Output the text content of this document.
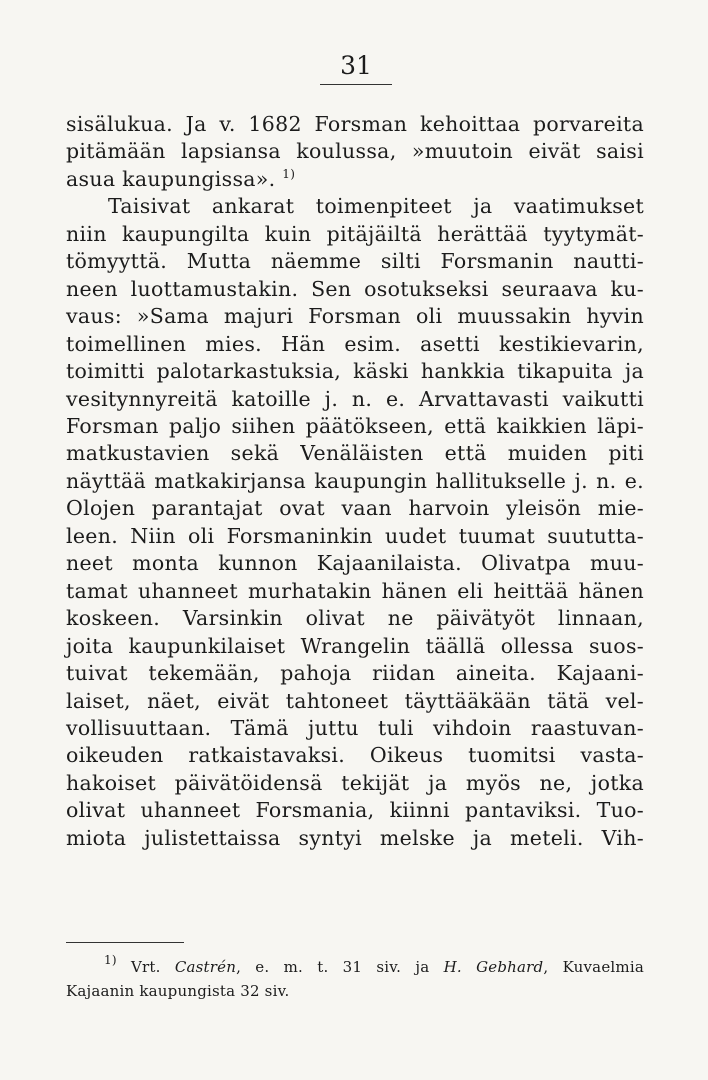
31
sisälukua. Ja v. 1682 Forsman kehoittaa porvareita
pitämään lapsiansa koulussa, »muutoin eivät saisi
asua kaupungissa». $^{1)}$
Taisivat ankarat toimenpiteet ja vaatimukset
niin kaupungilta kuin pitäjäiltä herättää tyytymät-
tömyyttä. Mutta näemme silti Forsmanin nautti-
neen luottamustakin. Sen osotukseksi seuraava ku-
vaus: »Sama majuri Forsman oli muussakin hyvin
toimellinen mies. Hän esim. asetti kestikievarin,
toimitti palotarkastuksia, käski hankkia tikapuita ja
vesitynnyreitä katoille j. n. e. Arvattavasti vaikutti
Forsman paljo siihen päätökseen, että kaikkien läpi-
matkustavien sekä Venäläisten että muiden piti
näyttää matkakirjansa kaupungin hallitukselle j. n. e.
Olojen parantajat ovat vaan harvoin yleisön mie-
leen. Niin oli Forsmaninkin uudet tuumat suututta-
neet monta kunnon Kajaanilaista. Olivatpa muu-
tamat uhanneet murhatakin hänen eli heittää hänen
koskeen. Varsinkin olivat ne päivätyöt linnaan,
joita kaupunkilaiset Wrangelin täällä ollessa suos-
tuivat tekemään, pahoja riidan aineita. Kajaani-
laiset, näet, eivät tahtoneet täyttääkään tätä vel-
vollisuuttaan. Tämä juttu tuli vihdoin raastuvan-
oikeuden ratkaistavaksi. Oikeus tuomitsi vasta-
hakoiset päivätöidensä tekijät ja myös ne, jotka
olivat uhanneet Forsmania, kiinni pantaviksi. Tuo-
miota julistettaissa syntyi melske ja meteli. Vih-
$^{1)}$ Vrt. Castrén, e. m. t. 31 siv. ja H. Gebhard, Kuvaelmia
Kajaanin kaupungista 32 siv.
